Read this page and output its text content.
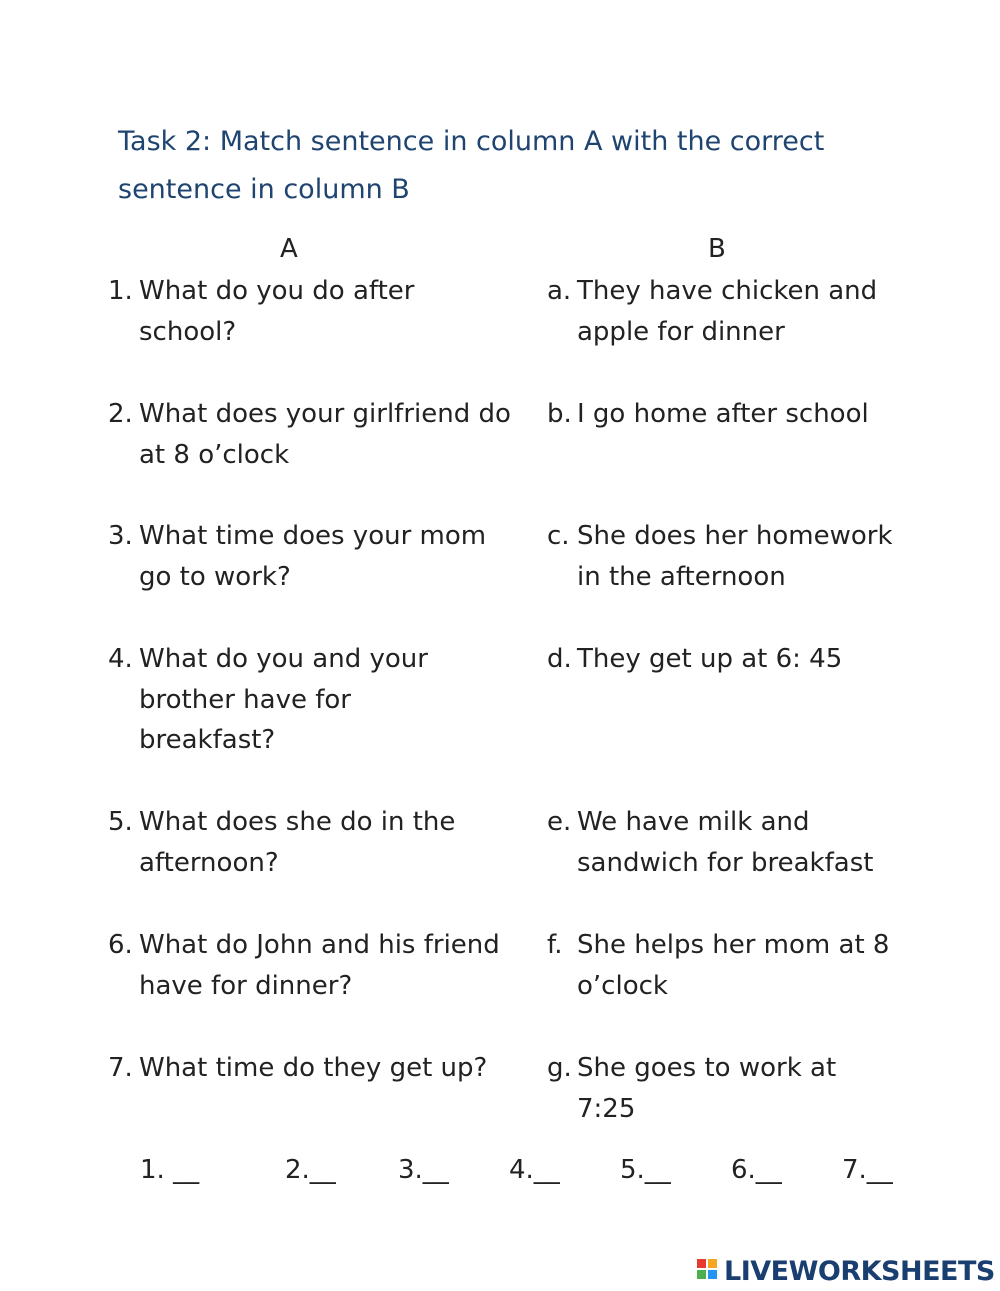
Task 2: Match sentence in column A with the correct sentence in column B
A	B
1. What do you do after school?
2. What does your girlfriend do at 8 o’clock
3. What time does your mom go to work?
4. What do you and your brother have for breakfast?
5. What does she do in the afternoon?
6. What do John and his friend have for dinner?
7. What time do they get up?
a. They have chicken and apple for dinner
b. I go home after school
c. She does her homework in the afternoon
d. They get up at 6: 45
e. We have milk and sandwich for breakfast
f. She helps her mom at 8 o’clock
g. She goes to work at 7:25
1. __	2.__ 3.__ 4.__ 5.__ 6.__ 7.__
LIVEWORKSHEETS
